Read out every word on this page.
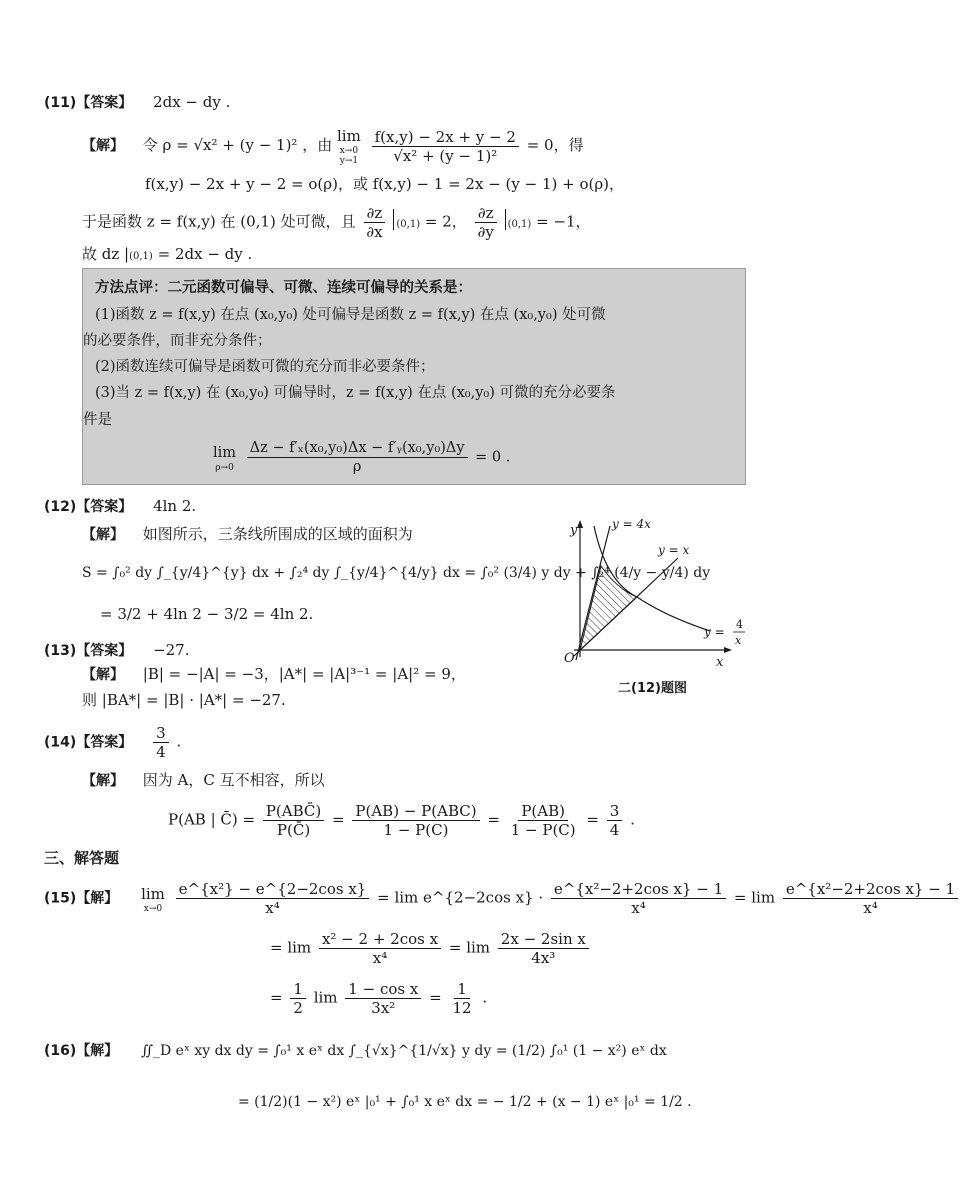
(11)【答案】 2dx − dy .
【解】 令 ρ = √x² + (y − 1)² ，由 lim
x→0
y→1
$\frac{f(x,y) - 2x + y - 2}{\text{√x² + (y − 1)²}} = 0$，得
f(x,y) − 2x + y − 2 = o(ρ)，或 f(x,y) − 1 = 2x − (y − 1) + o(ρ)，
于是函数 z = f(x,y) 在 (0,1) 处可微，且 $\frac{\partial z}{\partial x} (0,1) = 2$， $\frac{\partial z}{\partial y} (0,1) = -1$，
故 dz |(0,1) = 2dx − dy .
方法点评：二元函数可偏导、可微、连续可偏导的关系是：
(1)函数 z = f(x,y) 在点 (x₀,y₀) 处可偏导是函数 z = f(x,y) 在点 (x₀,y₀) 处可微
的必要条件，而非充分条件；
(2)函数连续可偏导是函数可微的充分而非必要条件；
(3)当 z = f(x,y) 在 (x₀,y₀) 可偏导时，z = f(x,y) 在点 (x₀,y₀) 可微的充分必要条
件是
lim
ρ→0
$\frac{\text{Δz − f′ₓ(x₀,y₀)Δx − f′ᵧ(x₀,y₀)Δy}}{\rho} = 0$ .
(12)【答案】 4ln 2.
【解】 如图所示，三条线所围成的区域的面积为
S = ∫₀² dy ∫_{y/4}^{y} dx + ∫₂⁴ dy ∫_{y/4}^{4/y} dx = ∫₀² (3/4) y dy + ∫₂⁴ (4/y − y/4) dy
= 3/2 + 4ln 2 − 3/2 = 4ln 2.
y
x
O
y = 4x
y = x
y =
4
x
二(12)题图
(13)【答案】 −27.
【解】 |B| = −|A| = −3，|A*| = |A|³⁻¹ = |A|² = 9，
则 |BA*| = |B| · |A*| = −27.
(14)【答案】 $\frac{3}{4}$ .
【解】 因为 A，C 互不相容，所以
P(AB | C̄) = $\frac{\text{P(ABC̄)}}{P(C̄)} = \frac{\text{P(AB) − P(ABC)}}{1 - P(C)} = \frac{P(AB)}{1 - P(C)} = \frac{3}{4}$ .
三、解答题
(15)【解】 lim
x→0
$\frac{\text{e\textasciicircum{}\{x²\} − e\textasciicircum{}\{2−2cos x\}}}{\text{x⁴}} = \lim$ e^{2−2cos $x\} \cdot \frac{\text{e\textasciicircum{}\{x²−2+2cos x\} − 1}}{\text{x⁴}} = \lim \frac{\text{e\textasciicircum{}\{x²−2+2cos x\} − 1}}{\text{x⁴}}$
= $\lim \frac{\text{x² − 2 + 2cos x}}{\text{x⁴}} = \lim \frac{\text{2x − 2sin x}}{\text{4x³}}$
= $\frac{1}{2}$ $\lim \frac{\text{1 − cos x}}{\text{3x²}} = \frac{1}{12}$ .
(16)【解】 ∬_D eˣ xy dx dy = ∫₀¹ x eˣ dx ∫_{√x}^{1/√x} y dy = (1/2) ∫₀¹ (1 − x²) eˣ dx
= (1/2)(1 − x²) eˣ |₀¹ + ∫₀¹ x eˣ dx = − 1/2 + (x − 1) eˣ |₀¹ = 1/2 .
